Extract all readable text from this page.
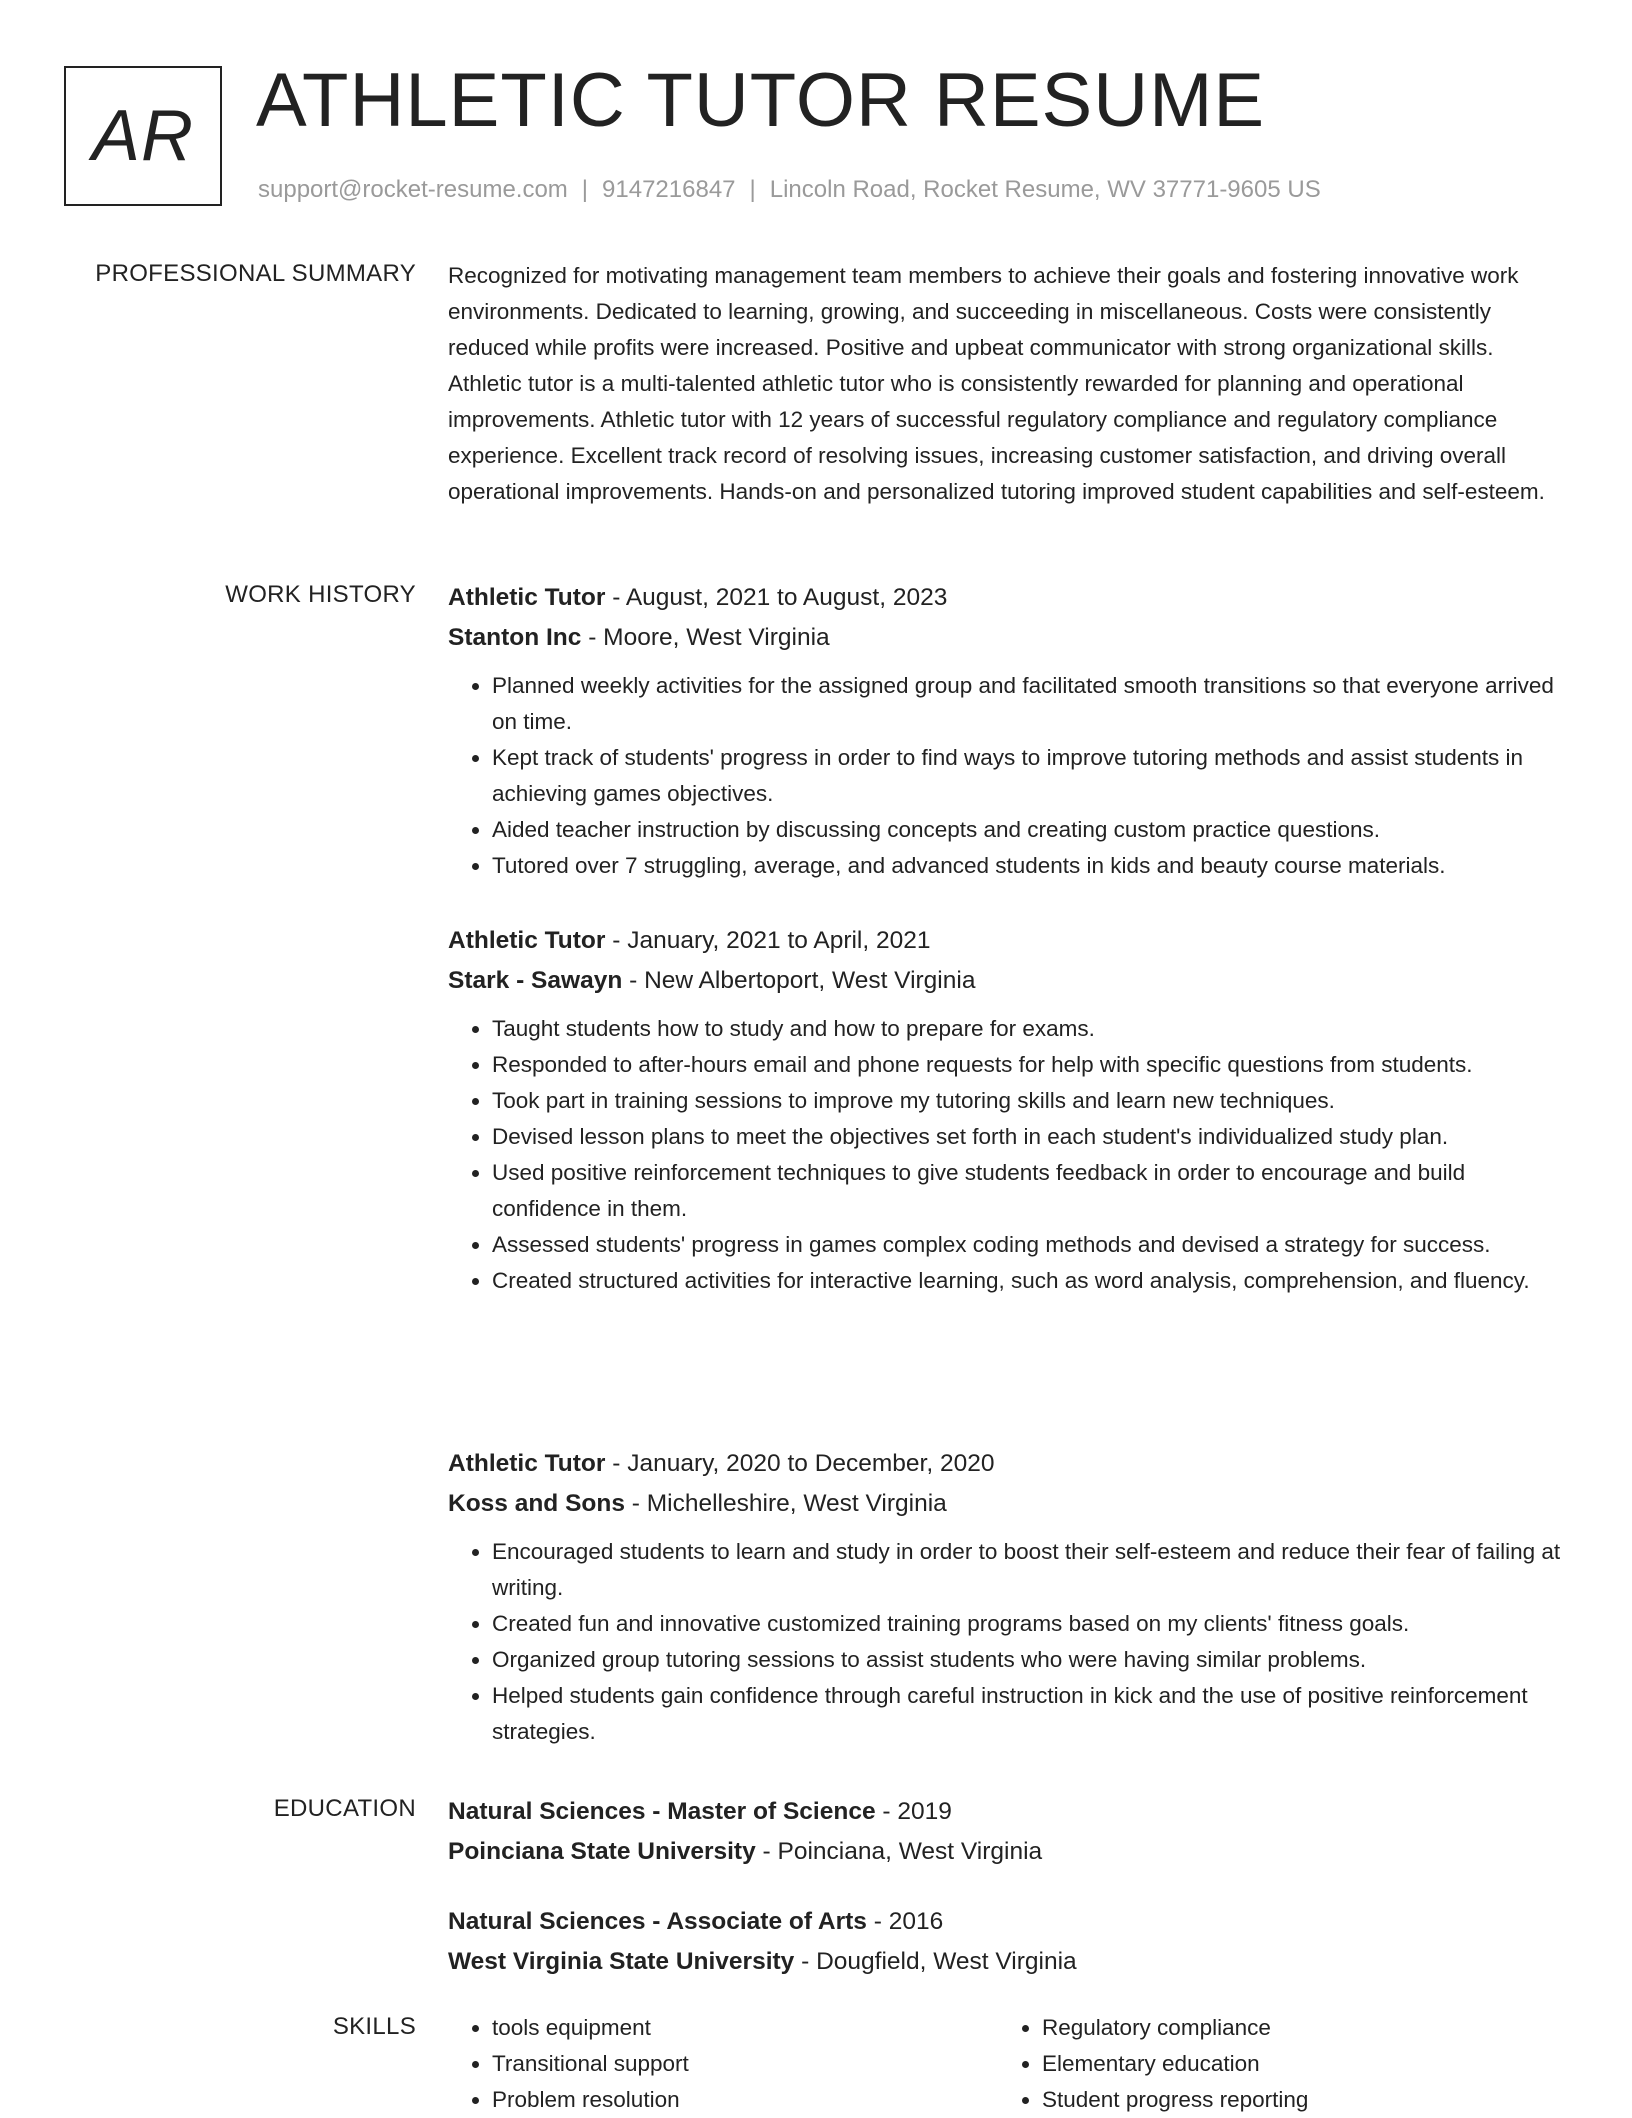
AR ATHLETIC TUTOR RESUME
support@rocket-resume.com | 9147216847 | Lincoln Road, Rocket Resume, WV 37771-9605 US
PROFESSIONAL SUMMARY Recognized for motivating management team members to achieve their goals and fostering innovative work environments. Dedicated to learning, growing, and succeeding in miscellaneous. Costs were consistently reduced while profits were increased. Positive and upbeat communicator with strong organizational skills. Athletic tutor is a multi-talented athletic tutor who is consistently rewarded for planning and operational improvements. Athletic tutor with 12 years of successful regulatory compliance and regulatory compliance experience. Excellent track record of resolving issues, increasing customer satisfaction, and driving overall operational improvements. Hands-on and personalized tutoring improved student capabilities and self-esteem.

WORK HISTORY Athletic Tutor - August, 2021 to August, 2023

Stanton Inc - Moore, West Virginia

• Planned weekly activities for the assigned group and facilitated smooth transitions so that everyone arrived on time.
• Kept track of students' progress in order to find ways to improve tutoring methods and assist students in achieving games objectives.
• Aided teacher instruction by discussing concepts and creating custom practice questions.
• Tutored over 7 struggling, average, and advanced students in kids and beauty course materials.

Athletic Tutor - January, 2021 to April, 2021

Stark - Sawayn - New Albertoport, West Virginia

• Taught students how to study and how to prepare for exams.
• Responded to after-hours email and phone requests for help with specific questions from students.
• Took part in training sessions to improve my tutoring skills and learn new techniques.
• Devised lesson plans to meet the objectives set forth in each student's individualized study plan.
• Used positive reinforcement techniques to give students feedback in order to encourage and build confidence in them.
• Assessed students' progress in games complex coding methods and devised a strategy for success.
• Created structured activities for interactive learning, such as word analysis, comprehension, and fluency.

Athletic Tutor - January, 2020 to December, 2020

Koss and Sons - Michelleshire, West Virginia

• Encouraged students to learn and study in order to boost their self-esteem and reduce their fear of failing at writing.
• Created fun and innovative customized training programs based on my clients' fitness goals.
• Organized group tutoring sessions to assist students who were having similar problems.
• Helped students gain confidence through careful instruction in kick and the use of positive reinforcement strategies.
EDUCATION Natural Sciences - Master of Science - 2019

Poinciana State University - Poinciana, West Virginia

Natural Sciences - Associate of Arts - 2016

West Virginia State University - Dougfield, West Virginia

SKILLS
•	tools equipment
• Transitional support
• Problem resolution
• Regulatory compliance
• Elementary education
• Student progress reporting
